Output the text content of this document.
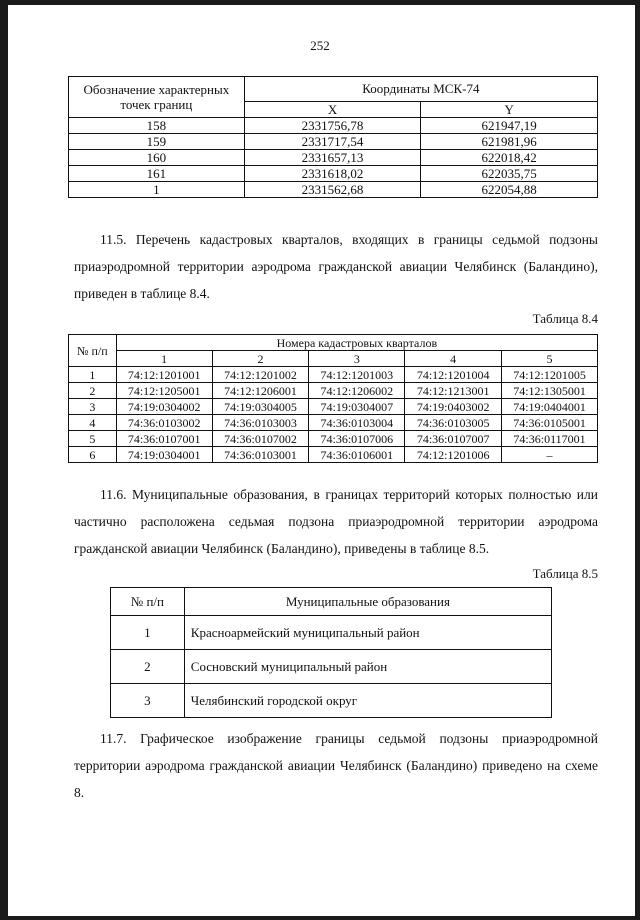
252
Обозначение характерных точек границ	Координаты МСК-74	
	X	Y
158	2331756,78	621947,19
159	2331717,54	621981,96
160	2331657,13	622018,42
161	2331618,02	622035,75
1	2331562,68	622054,88

11.5. Перечень кадастровых кварталов, входящих в границы седьмой подзоны приаэродромной территории аэродрома гражданской авиации Челябинск (Баландино), приведен в таблице 8.4.

Таблица 8.4
№ п/п	Номера кадастровых кварталов				
	1	2	3	4	5
1	74:12:1201001	74:12:1201002	74:12:1201003	74:12:1201004	74:12:1201005
2	74:12:1205001	74:12:1206001	74:12:1206002	74:12:1213001	74:12:1305001
3	74:19:0304002	74:19:0304005	74:19:0304007	74:19:0403002	74:19:0404001
4	74:36:0103002	74:36:0103003	74:36:0103004	74:36:0103005	74:36:0105001
5	74:36:0107001	74:36:0107002	74:36:0107006	74:36:0107007	74:36:0117001
6	74:19:0304001	74:36:0103001	74:36:0106001	74:12:1201006	–

11.6. Муниципальные образования, в границах территорий которых полностью или частично расположена седьмая подзона приаэродромной территории аэродрома гражданской авиации Челябинск (Баландино), приведены в таблице 8.5.

Таблица 8.5
№ п/п	Муниципальные образования
1	Красноармейский муниципальный район
2	Сосновский муниципальный район
3	Челябинский городской округ

11.7. Графическое изображение границы седьмой подзоны приаэродромной территории аэродрома гражданской авиации Челябинск (Баландино) приведено на схеме 8.
